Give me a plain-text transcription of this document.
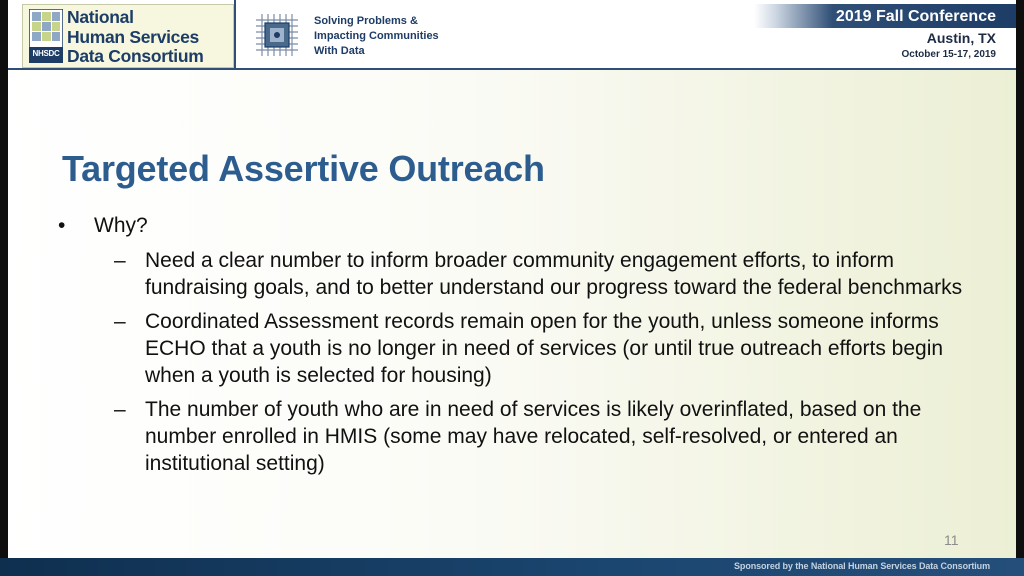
NHSDC
National
Human Services
Data Consortium
Solving Problems &
Impacting Communities
With Data
2019 Fall Conference
Austin, TX
October 15-17, 2019
Targeted Assertive Outreach
•	Why?
– Need a clear number to inform broader community engagement efforts, to inform fundraising goals, and to better understand our progress toward the federal benchmarks
– Coordinated Assessment records remain open for the youth, unless someone informs ECHO that a youth is no longer in need of services (or until true outreach efforts begin when a youth is selected for housing)
– The number of youth who are in need of services is likely overinflated, based on the number enrolled in HMIS (some may have relocated, self-resolved, or entered an institutional setting)
11
Sponsored by the National Human Services Data Consortium
